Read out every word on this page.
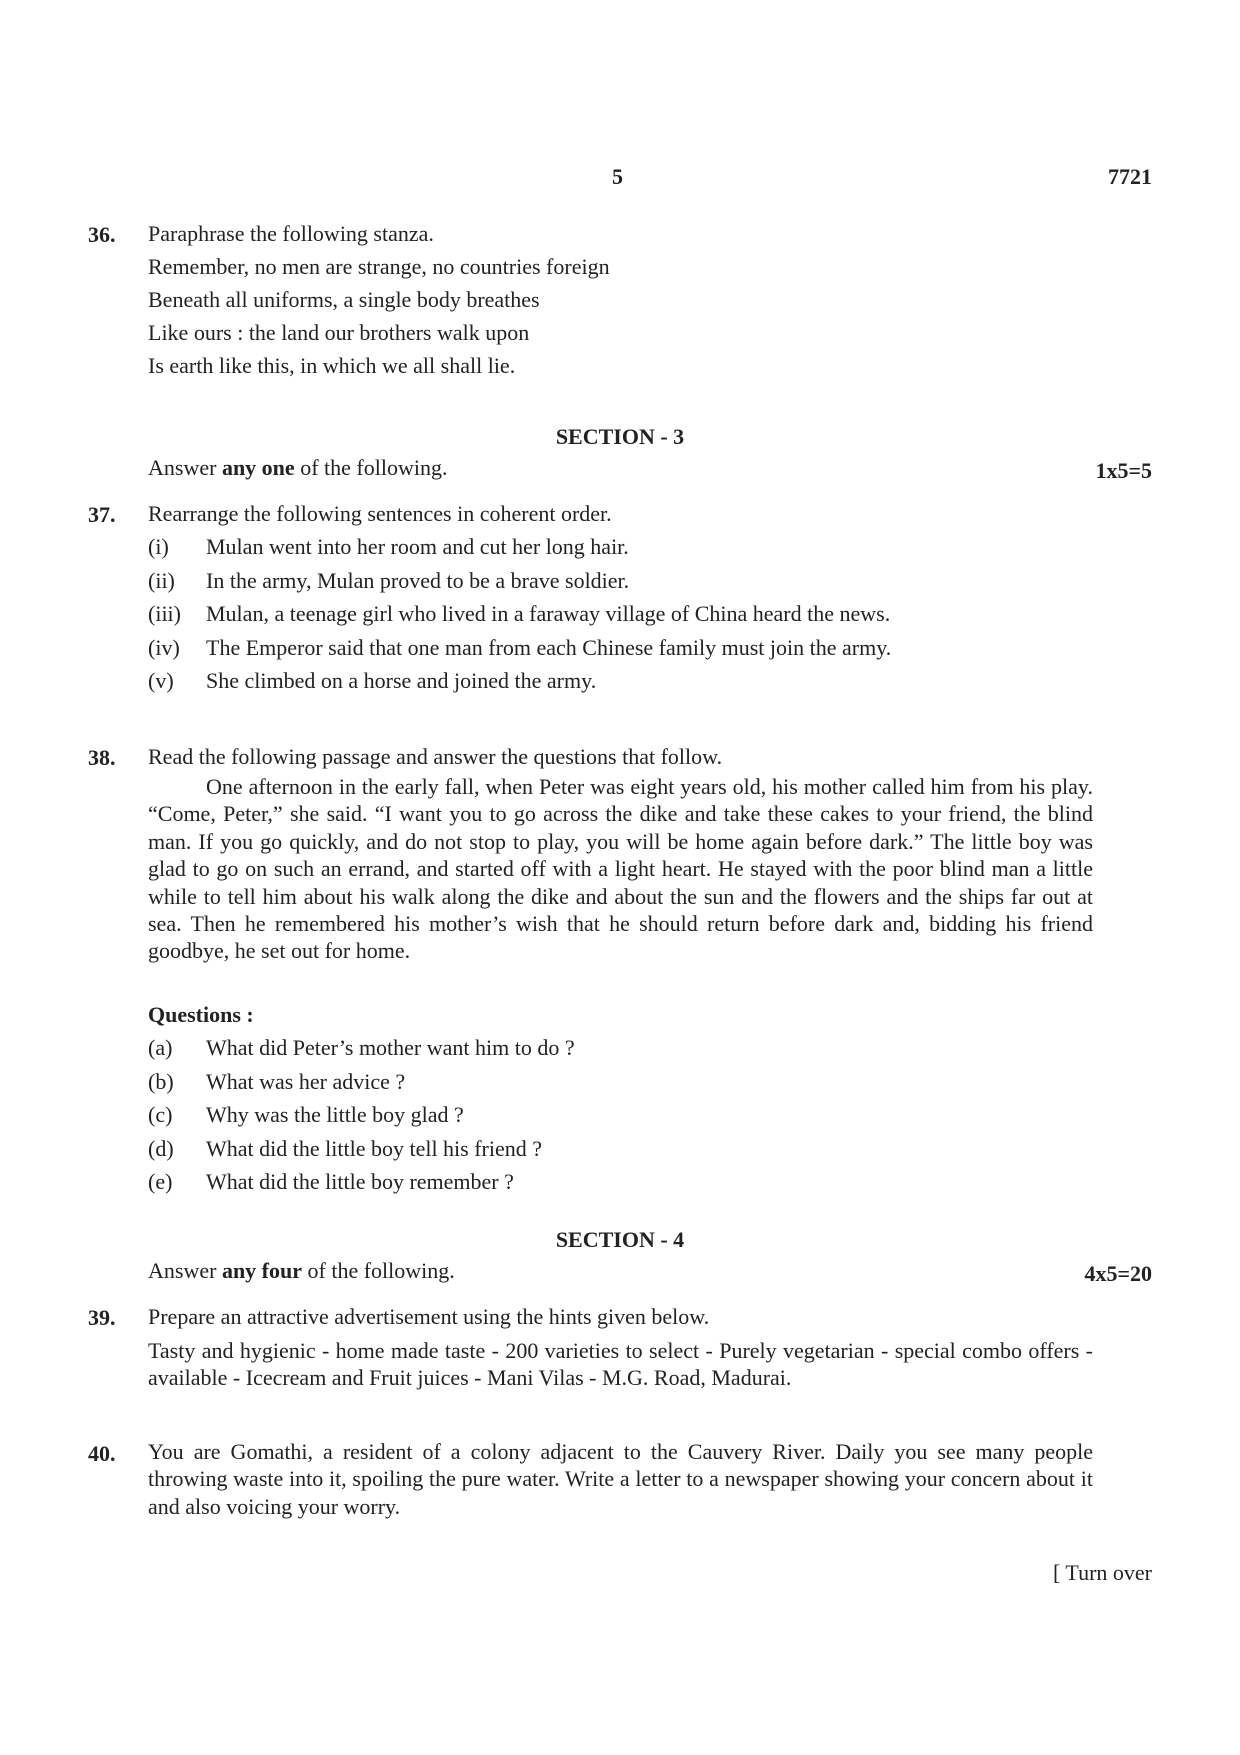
5	7721
36. Paraphrase the following stanza.
Remember, no men are strange, no countries foreign
Beneath all uniforms, a single body breathes
Like ours : the land our brothers walk upon
Is earth like this, in which we all shall lie.
SECTION - 3
Answer any one of the following.	1x5=5
37. Rearrange the following sentences in coherent order.
(i)	Mulan went into her room and cut her long hair.
(ii)	In the army, Mulan proved to be a brave soldier.
(iii)	Mulan, a teenage girl who lived in a faraway village of China heard the news.
(iv)	The Emperor said that one man from each Chinese family must join the army.
(v)	She climbed on a horse and joined the army.
38. Read the following passage and answer the questions that follow.

One afternoon in the early fall, when Peter was eight years old, his mother called him from his play. “Come, Peter,” she said. “I want you to go across the dike and take these cakes to your friend, the blind man. If you go quickly, and do not stop to play, you will be home again before dark.” The little boy was glad to go on such an errand, and started off with a light heart. He stayed with the poor blind man a little while to tell him about his walk along the dike and about the sun and the flowers and the ships far out at sea. Then he remembered his mother’s wish that he should return before dark and, bidding his friend goodbye, he set out for home.

Questions :
(a)	What did Peter’s mother want him to do ?
(b)	What was her advice ?
(c)	Why was the little boy glad ?
(d)	What did the little boy tell his friend ?
(e)	What did the little boy remember ?
SECTION - 4
Answer any four of the following.	4x5=20
39. Prepare an attractive advertisement using the hints given below.

Tasty and hygienic - home made taste - 200 varieties to select - Purely vegetarian - special combo offers - available - Icecream and Fruit juices - Mani Vilas - M.G. Road, Madurai.

40. You are Gomathi, a resident of a colony adjacent to the Cauvery River. Daily you see many people throwing waste into it, spoiling the pure water. Write a letter to a newspaper showing your concern about it and also voicing your worry.

[ Turn over
